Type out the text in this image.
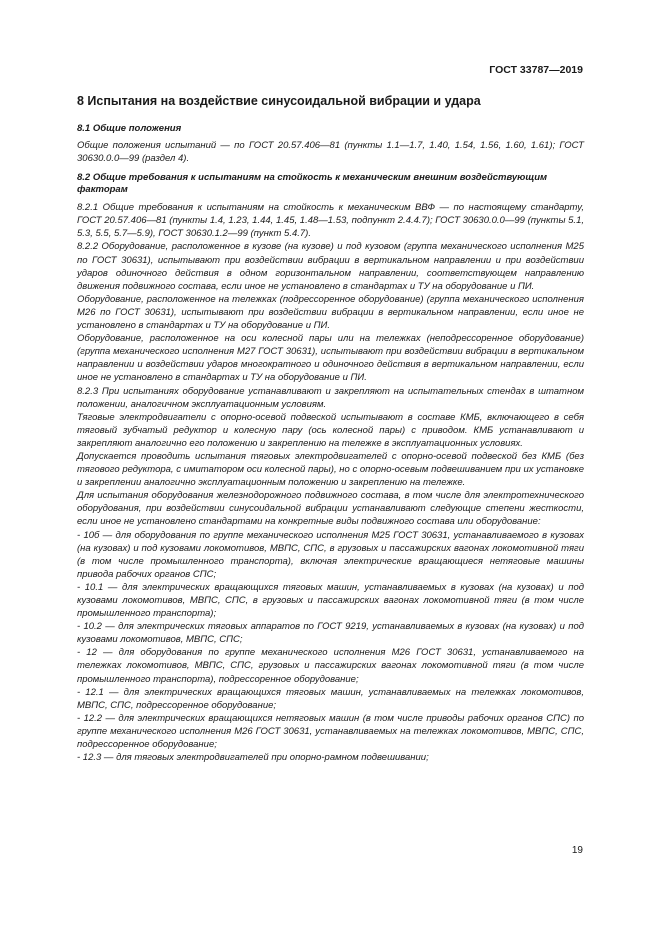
ГОСТ 33787—2019
8 Испытания на воздействие синусоидальной вибрации и удара
8.1 Общие положения

Общие положения испытаний — по ГОСТ 20.57.406—81 (пункты 1.1—1.7, 1.40, 1.54, 1.56, 1.60, 1.61); ГОСТ 30630.0.0—99 (раздел 4).

8.2 Общие требования к испытаниям на стойкость к механическим внешним воздействующим факторам

8.2.1 Общие требования к испытаниям на стойкость к механическим ВВФ — по настоящему стандарту, ГОСТ 20.57.406—81 (пункты 1.4, 1.23, 1.44, 1.45, 1.48—1.53, подпункт 2.4.4.7); ГОСТ 30630.0.0—99 (пункты 5.1, 5.3, 5.5, 5.7—5.9), ГОСТ 30630.1.2—99 (пункт 5.4.7).

8.2.2 Оборудование, расположенное в кузове (на кузове) и под кузовом (группа механического исполнения М25 по ГОСТ 30631), испытывают при воздействии вибрации в вертикальном направлении и при воздействии ударов одиночного действия в одном горизонтальном направлении, соответствующем направлению движения подвижного состава, если иное не установлено в стандартах и ТУ на оборудование и ПИ.

Оборудование, расположенное на тележках (подрессоренное оборудование) (группа механического исполнения М26 по ГОСТ 30631), испытывают при воздействии вибрации в вертикальном направлении, если иное не установлено в стандартах и ТУ на оборудование и ПИ.

Оборудование, расположенное на оси колесной пары или на тележках (неподрессоренное оборудование) (группа механического исполнения М27 ГОСТ 30631), испытывают при воздействии вибрации в вертикальном направлении и воздействии ударов многократного и одиночного действия в вертикальном направлении, если иное не установлено в стандартах и ТУ на оборудование и ПИ.

8.2.3 При испытаниях оборудование устанавливают и закрепляют на испытательных стендах в штатном положении, аналогичном эксплуатационным условиям.

Тяговые электродвигатели с опорно-осевой подвеской испытывают в составе КМБ, включающего в себя тяговый зубчатый редуктор и колесную пару (ось колесной пары) с приводом. КМБ устанавливают и закрепляют аналогично его положению и закреплению на тележке в эксплуатационных условиях.

Допускается проводить испытания тяговых электродвигателей с опорно-осевой подвеской без КМБ (без тягового редуктора, с имитатором оси колесной пары), но с опорно-осевым подвешиванием при их установке и закреплении аналогично эксплуатационным положению и закреплению на тележке.

Для испытания оборудования железнодорожного подвижного состава, в том числе для электротехнического оборудования, при воздействии синусоидальной вибрации устанавливают следующие степени жесткости, если иное не установлено стандартами на конкретные виды подвижного состава или оборудование:

- 10б — для оборудования по группе механического исполнения М25 ГОСТ 30631, устанавливаемого в кузовах (на кузовах) и под кузовами локомотивов, МВПС, СПС, в грузовых и пассажирских вагонах локомотивной тяги (в том числе промышленного транспорта), включая электрические вращающиеся нетяговые машины привода рабочих органов СПС;

- 10.1 — для электрических вращающихся тяговых машин, устанавливаемых в кузовах (на кузовах) и под кузовами локомотивов, МВПС, СПС, в грузовых и пассажирских вагонах локомотивной тяги (в том числе промышленного транспорта);

- 10.2 — для электрических тяговых аппаратов по ГОСТ 9219, устанавливаемых в кузовах (на кузовах) и под кузовами локомотивов, МВПС, СПС;

- 12 — для оборудования по группе механического исполнения М26 ГОСТ 30631, устанавливаемого на тележках локомотивов, МВПС, СПС, грузовых и пассажирских вагонах локомотивной тяги (в том числе промышленного транспорта), подрессоренное оборудование;

- 12.1 — для электрических вращающихся тяговых машин, устанавливаемых на тележках локомотивов, МВПС, СПС, подрессоренное оборудование;

- 12.2 — для электрических вращающихся нетяговых машин (в том числе приводы рабочих органов СПС) по группе механического исполнения М26 ГОСТ 30631, устанавливаемых на тележках локомотивов, МВПС, СПС, подрессоренное оборудование;

- 12.3 — для тяговых электродвигателей при опорно-рамном подвешивании;

19
